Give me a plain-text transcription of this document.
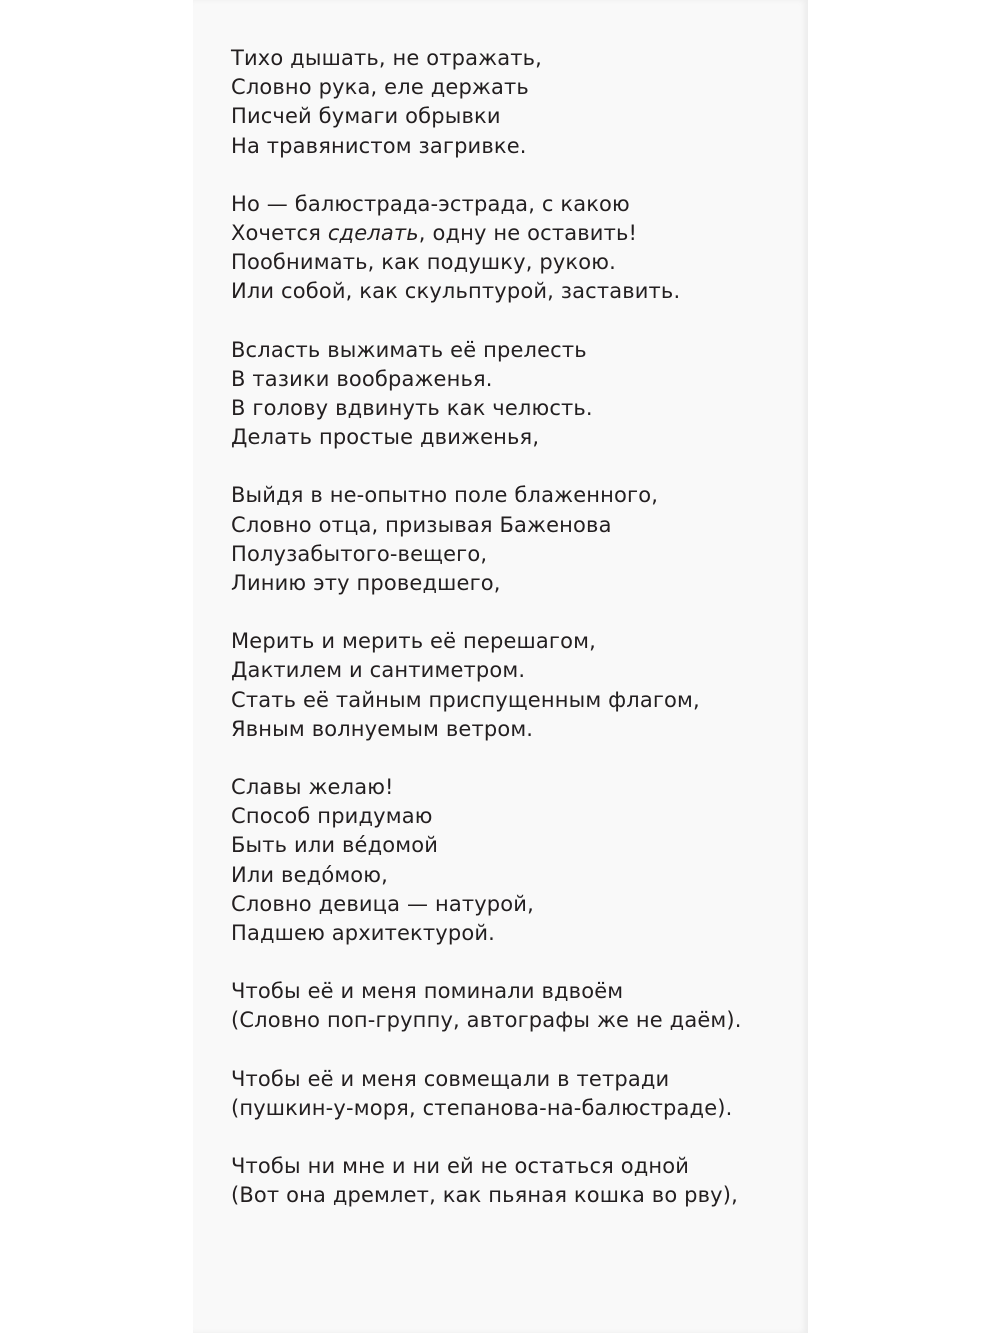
Тихо дышать, не отражать,
Словно рука, еле держать
Писчей бумаги обрывки
На травянистом загривке.
Но — балюстрада-эстрада, с какою
Хочется сделать, одну не оставить!
Пообнимать, как подушку, рукою.
Или собой, как скульптурой, заставить.
Всласть выжимать её прелесть
В тазики воображенья.
В голову вдвинуть как челюсть.
Делать простые движенья,
Выйдя в не-опытно поле блаженного,
Словно отца, призывая Баженова
Полузабытого-вещего,
Линию эту проведшего,
Мерить и мерить её перешагом,
Дактилем и сантиметром.
Стать её тайным приспущенным флагом,
Явным волнуемым ветром.
Славы желаю!
Способ придумаю
Быть или ве́домой
Или ведо́мою,
Словно девица — натурой,
Падшею архитектурой.
Чтобы её и меня поминали вдвоём
(Словно поп-группу, автографы же не даём).
Чтобы её и меня совмещали в тетради
(пушкин-у-моря, степанова-на-балюстраде).
Чтобы ни мне и ни ей не остаться одной
(Вот она дремлет, как пьяная кошка во рву),
